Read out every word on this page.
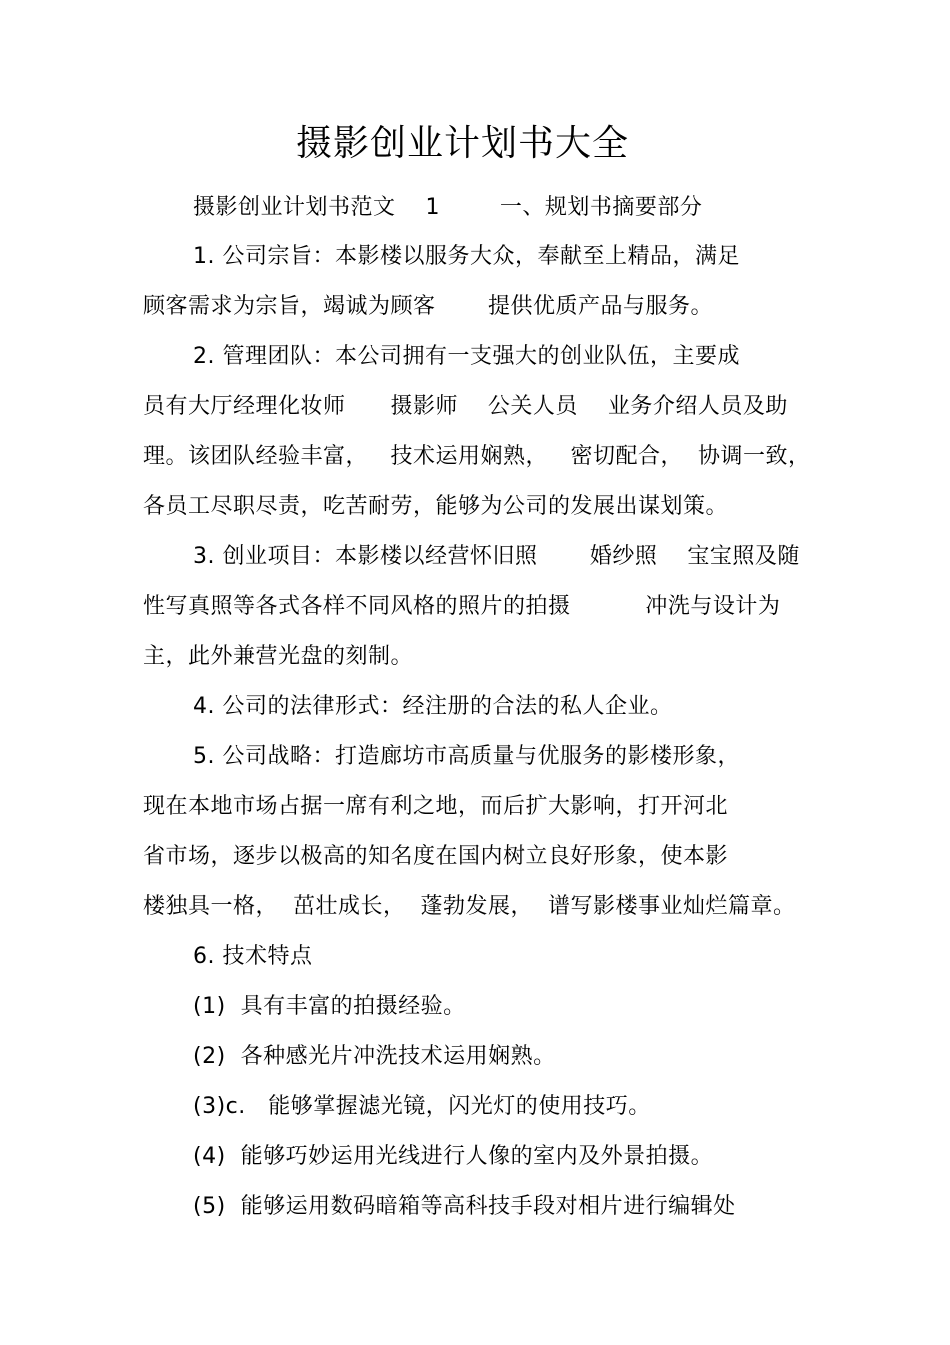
摄影创业计划书大全
摄影创业计划书范文    1        一、规划书摘要部分
1. 公司宗旨：本影楼以服务大众，奉献至上精品，满足
顾客需求为宗旨，竭诚为顾客       提供优质产品与服务。
2. 管理团队：本公司拥有一支强大的创业队伍，主要成
员有大厅经理化妆师      摄影师    公关人员    业务介绍人员及助
理。该团队经验丰富，   技术运用娴熟，   密切配合，  协调一致，
各员工尽职尽责，吃苦耐劳，能够为公司的发展出谋划策。
3. 创业项目：本影楼以经营怀旧照       婚纱照    宝宝照及随
性写真照等各式各样不同风格的照片的拍摄          冲洗与设计为
主，此外兼营光盘的刻制。
4. 公司的法律形式：经注册的合法的私人企业。
5. 公司战略：打造廊坊市高质量与优服务的影楼形象，
现在本地市场占据一席有利之地，而后扩大影响，打开河北
省市场，逐步以极高的知名度在国内树立良好形象，使本影
楼独具一格，  茁壮成长，  蓬勃发展，  谱写影楼事业灿烂篇章。
6. 技术特点
(1)  具有丰富的拍摄经验。
(2)  各种感光片冲洗技术运用娴熟。
(3)c.   能够掌握滤光镜，闪光灯的使用技巧。
(4)  能够巧妙运用光线进行人像的室内及外景拍摄。
(5)  能够运用数码暗箱等高科技手段对相片进行编辑处
